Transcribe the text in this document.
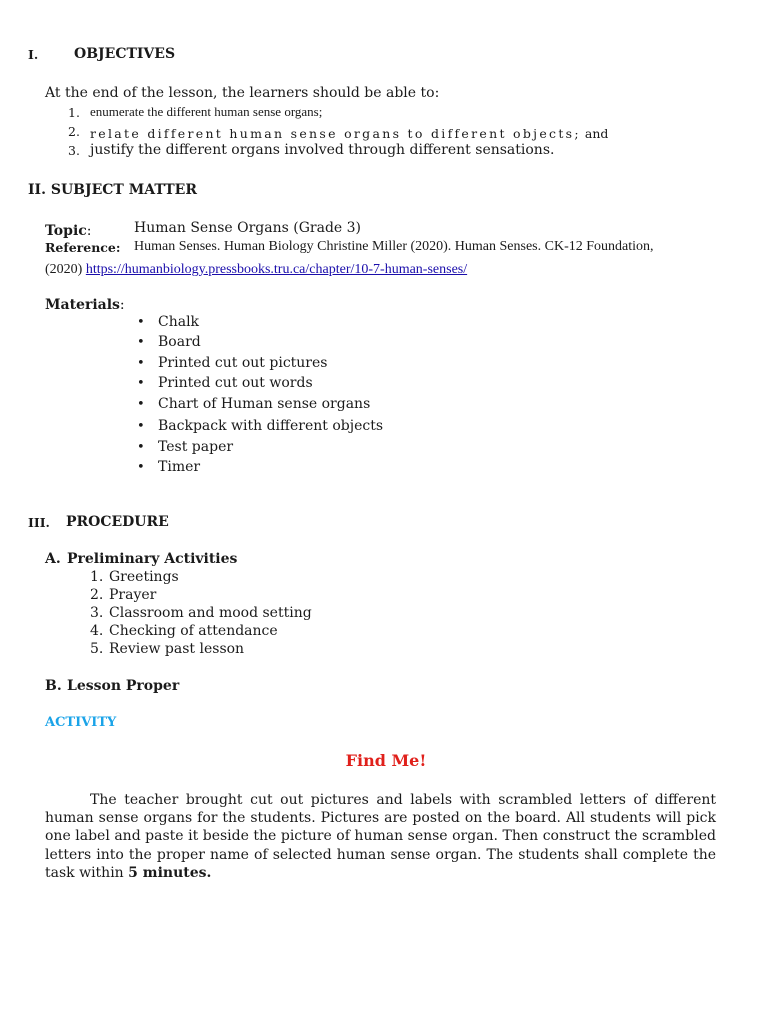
I.	OBJECTIVES
At the end of the lesson, the learners should be able to:
1. enumerate the different human sense organs;
2. relate different human sense organs to different objects; and
3. justify the different organs involved through different sensations.
II. SUBJECT MATTER
Topic:	Human Sense Organs (Grade 3)
Reference: Human Senses. Human Biology Christine Miller (2020). Human Senses. CK-12 Foundation,
(2020) https://humanbiology.pressbooks.tru.ca/chapter/10-7-human-senses/
Materials:
• Chalk
• Board
• Printed cut out pictures
• Printed cut out words
• Chart of Human sense organs
• Backpack with different objects
• Test paper
• Timer
III. PROCEDURE
A. Preliminary Activities
1. Greetings
2. Prayer
3. Classroom and mood setting
4. Checking of attendance
5. Review past lesson
B. Lesson Proper
ACTIVITY
Find Me!
The teacher brought cut out pictures and labels with scrambled letters of different human sense organs for the students. Pictures are posted on the board. All students will pick one label and paste it beside the picture of human sense organ. Then construct the scrambled letters into the proper name of selected human sense organ. The students shall complete the task within 5 minutes.
